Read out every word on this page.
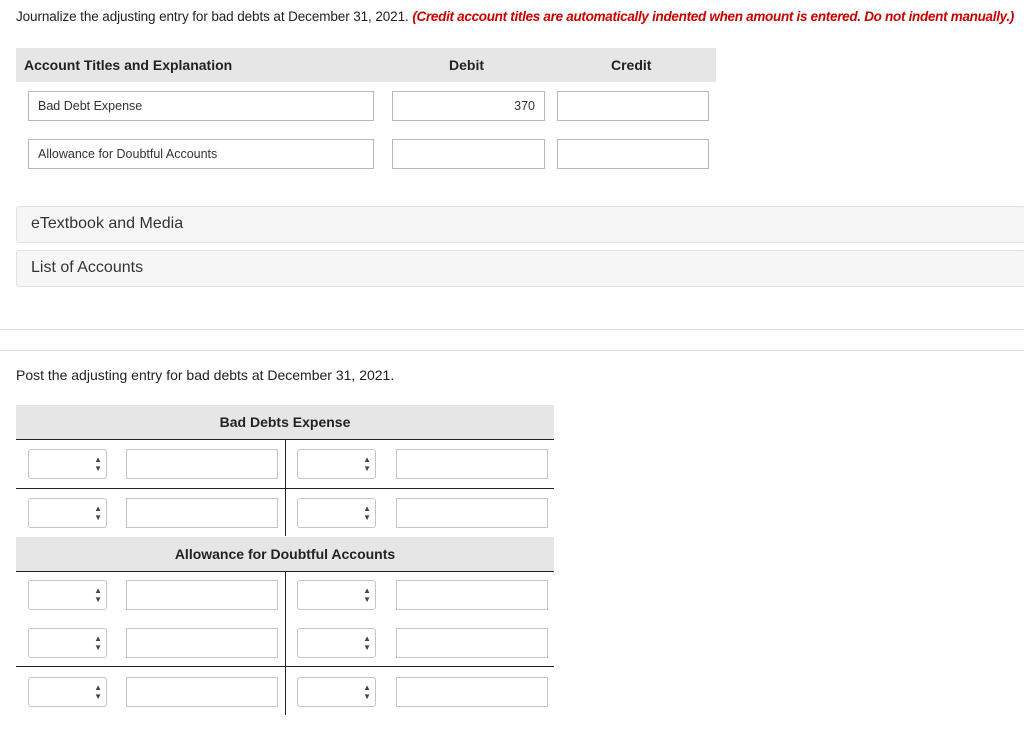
Journalize the adjusting entry for bad debts at December 31, 2021. (Credit account titles are automatically indented when amount is entered. Do not indent manually.)
Account Titles and Explanation	Debit	Credit
Bad Debt Expense
370
Allowance for Doubtful Accounts
eTextbook and Media
List of Accounts
Post the adjusting entry for bad debts at December 31, 2021.
Bad Debts Expense
▲
▼
▲
▼
▲
▼
▲
▼
Allowance for Doubtful Accounts
▲
▼
▲
▼
▲
▼
▲
▼
▲
▼
▲
▼
